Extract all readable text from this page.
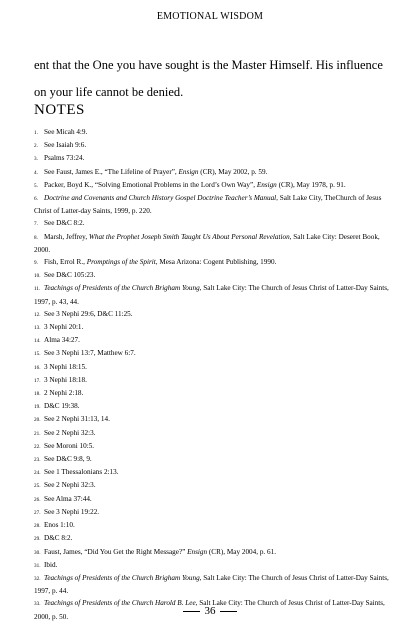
EMOTIONAL WISDOM
ent that the One you have sought is the Master Himself. His influence on your life cannot be denied.
NOTES
1. See Micah 4:9.
2. See Isaiah 9:6.
3. Psalms 73:24.
4. See Faust, James E., “The Lifeline of Prayer”, Ensign (CR), May 2002, p. 59.
5. Packer, Boyd K., “Solving Emotional Problems in the Lord’s Own Way”, Ensign (CR), May 1978, p. 91.
6. Doctrine and Covenants and Church History Gospel Doctrine Teacher’s Manual, Salt Lake City, TheChurch of Jesus Christ of Latter-day Saints, 1999, p. 220.
7. See D&C 8:2.
8. Marsh, Jeffrey, What the Prophet Joseph Smith Taught Us About Personal Revelation, Salt Lake City: Deseret Book, 2000.
9. Fish, Errol R., Promptings of the Spirit, Mesa Arizona: Cogent Publishing, 1990.
10. See D&C 105:23.
11. Teachings of Presidents of the Church Brigham Young, Salt Lake City: The Church of Jesus Christ of Latter-Day Saints, 1997, p. 43, 44.
12. See 3 Nephi 29:6, D&C 11:25.
13. 3 Nephi 20:1.
14. Alma 34:27.
15. See 3 Nephi 13:7, Matthew 6:7.
16. 3 Nephi 18:15.
17. 3 Nephi 18:18.
18. 2 Nephi 2:18.
19. D&C 19:38.
20. See 2 Nephi 31:13, 14.
21. See 2 Nephi 32:3.
22. See Moroni 10:5.
23. See D&C 9:8, 9.
24. See 1 Thessalonians 2:13.
25. See 2 Nephi 32:3.
26. See Alma 37:44.
27. See 3 Nephi 19:22.
28. Enos 1:10.
29. D&C 8:2.
30. Faust, James, “Did You Get the Right Message?” Ensign (CR), May 2004, p. 61.
31. Ibid.
32. Teachings of Presidents of the Church Brigham Young, Salt Lake City: The Church of Jesus Christ of Latter-Day Saints, 1997, p. 44.
33. Teachings of Presidents of the Church Harold B. Lee, Salt Lake City: The Church of Jesus Christ of Latter-Day Saints, 2000, p. 50.	36
